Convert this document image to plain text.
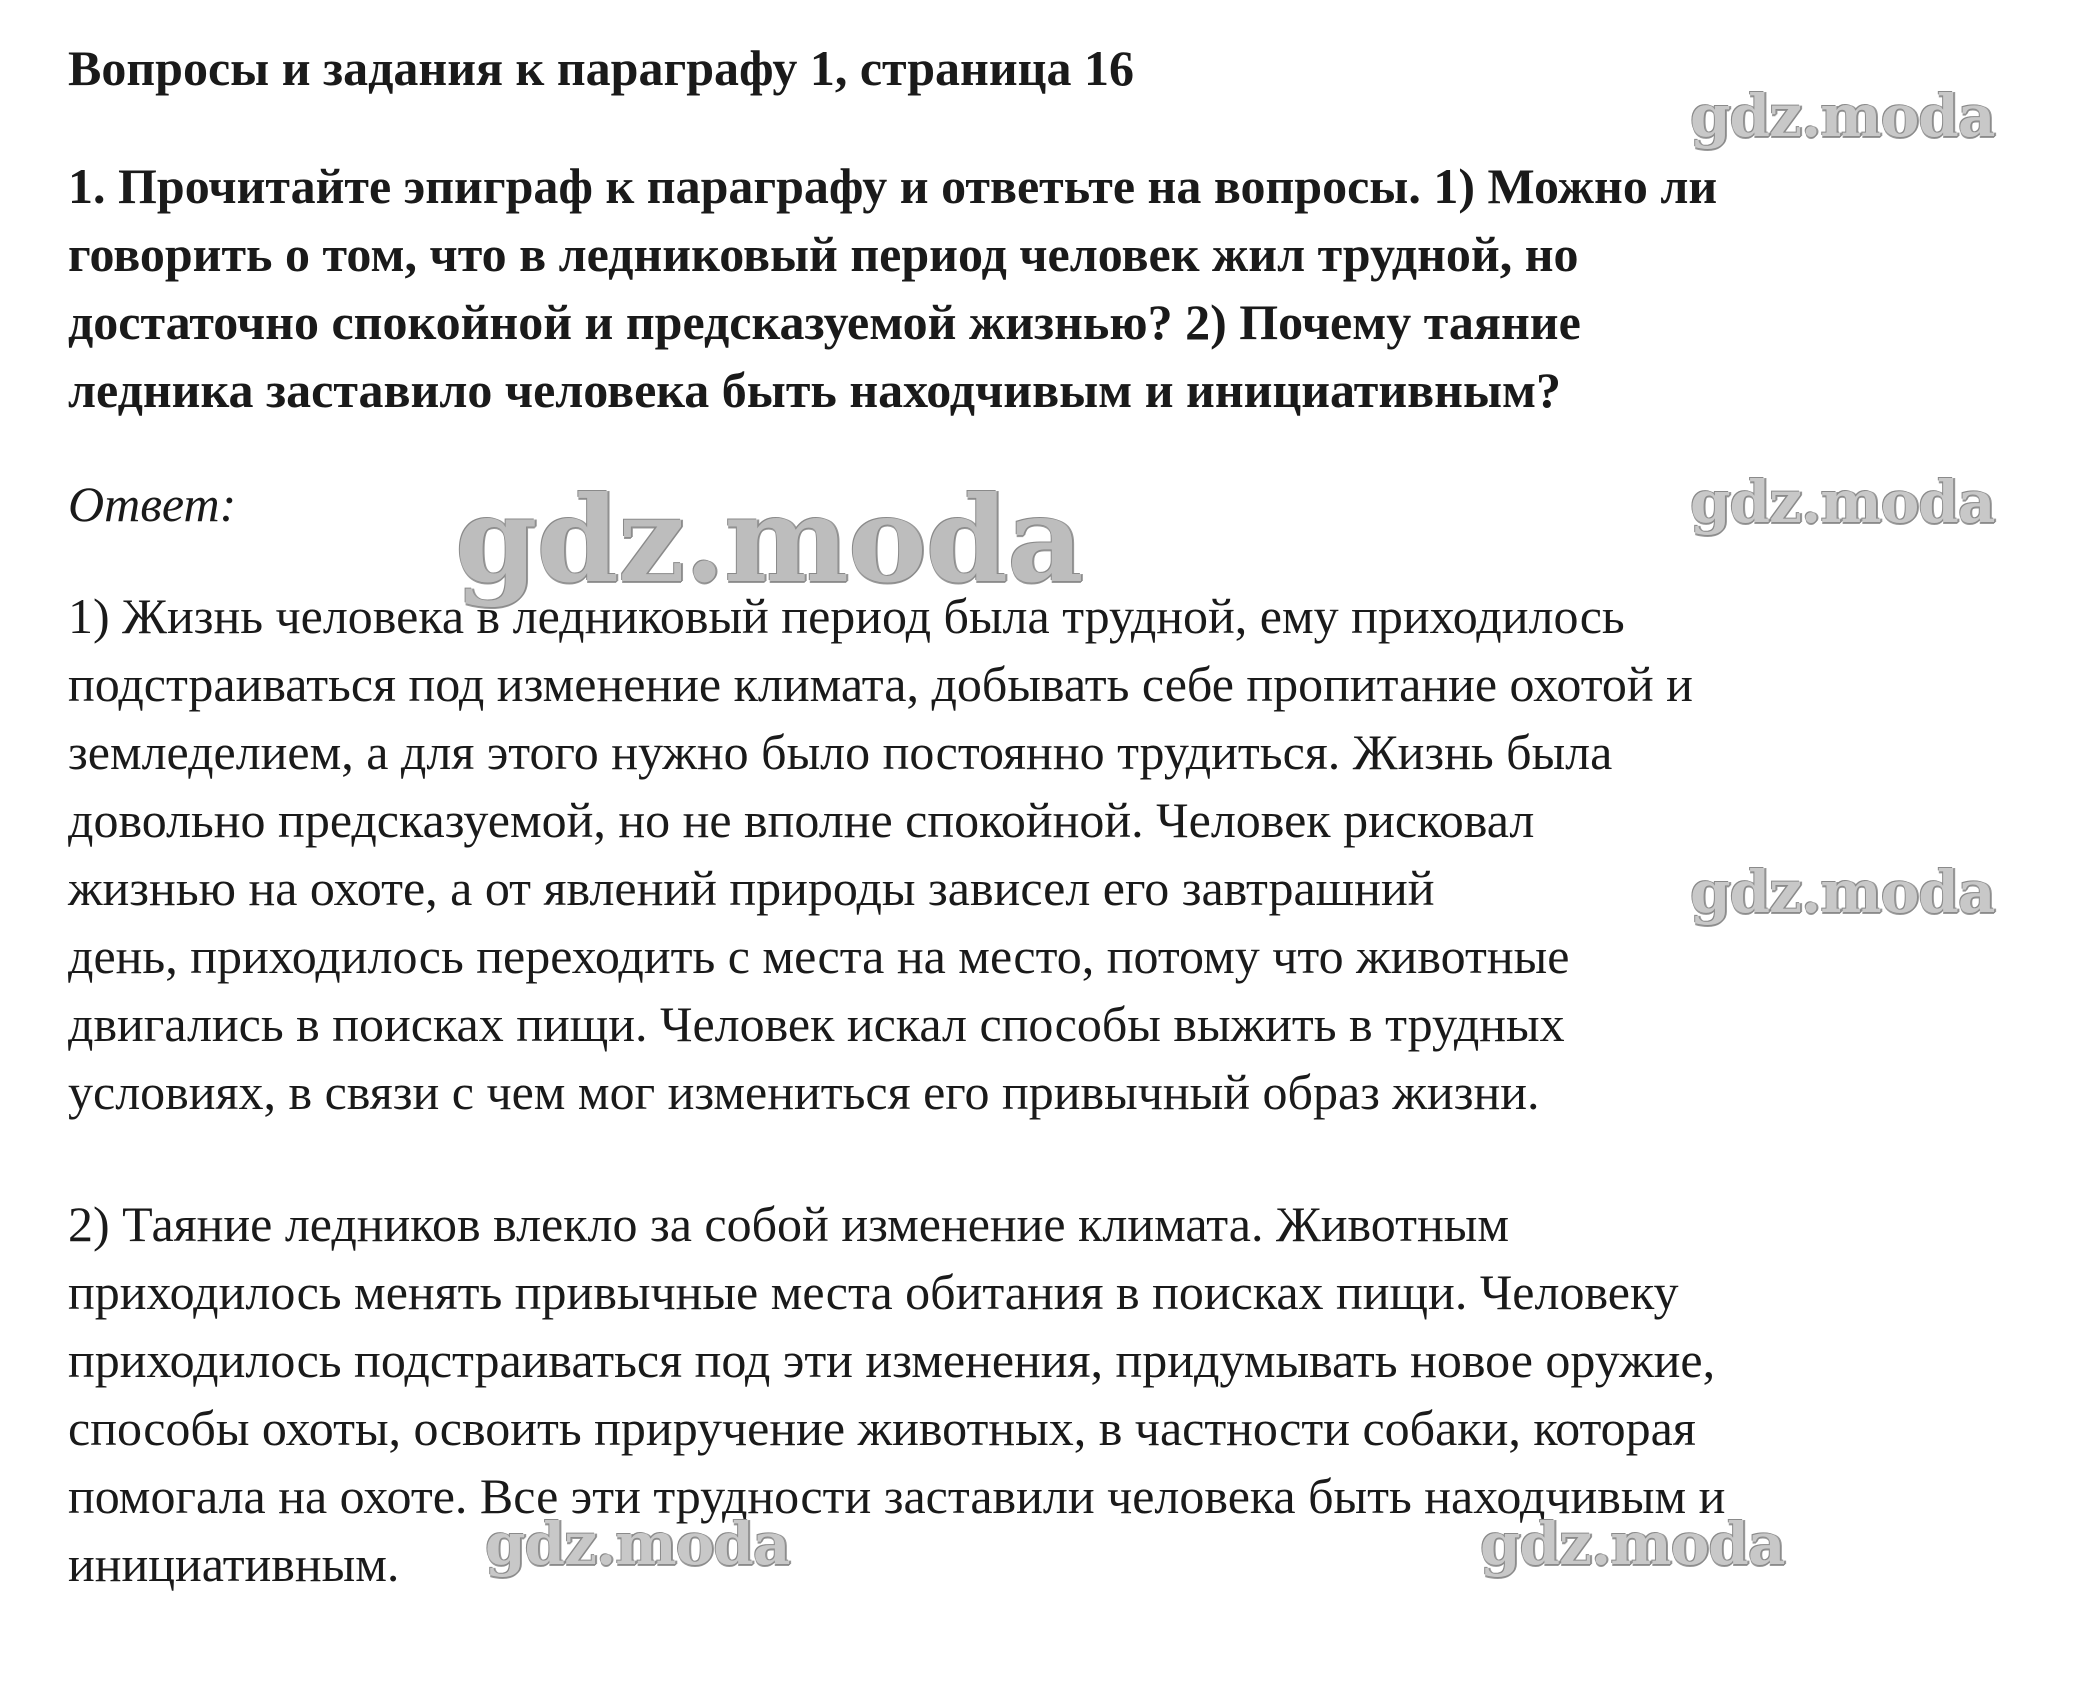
Вопросы и задания к параграфу 1, страница 16
gdz.moda
1. Прочитайте эпиграф к параграфу и ответьте на вопросы. 1) Можно ли
говорить о том, что в ледниковый период человек жил трудной, но
достаточно спокойной и предсказуемой жизнью? 2) Почему таяние
ледника заставило человека быть находчивым и инициативным?
Ответ: gdz.moda	gdz.moda
1) Жизнь человека в ледниковый период была трудной, ему приходилось
подстраиваться под изменение климата, добывать себе пропитание охотой и
земледелием, а для этого нужно было постоянно трудиться. Жизнь была
довольно предсказуемой, но не вполне спокойной. Человек рисковал
жизнью на охоте, а от явлений природы зависел его завтрашний
день, приходилось переходить с места на место, потому что животные
двигались в поисках пищи. Человек искал способы выжить в трудных
условиях, в связи с чем мог измениться его привычный образ жизни.
gdz.moda
2) Таяние ледников влекло за собой изменение климата. Животным
приходилось менять привычные места обитания в поисках пищи. Человеку
приходилось подстраиваться под эти изменения, придумывать новое оружие,
способы охоты, освоить приручение животных, в частности собаки, которая
помогала на охоте. Все эти трудности заставили человека быть находчивым и
инициативным.	gdz.moda	gdz.moda
